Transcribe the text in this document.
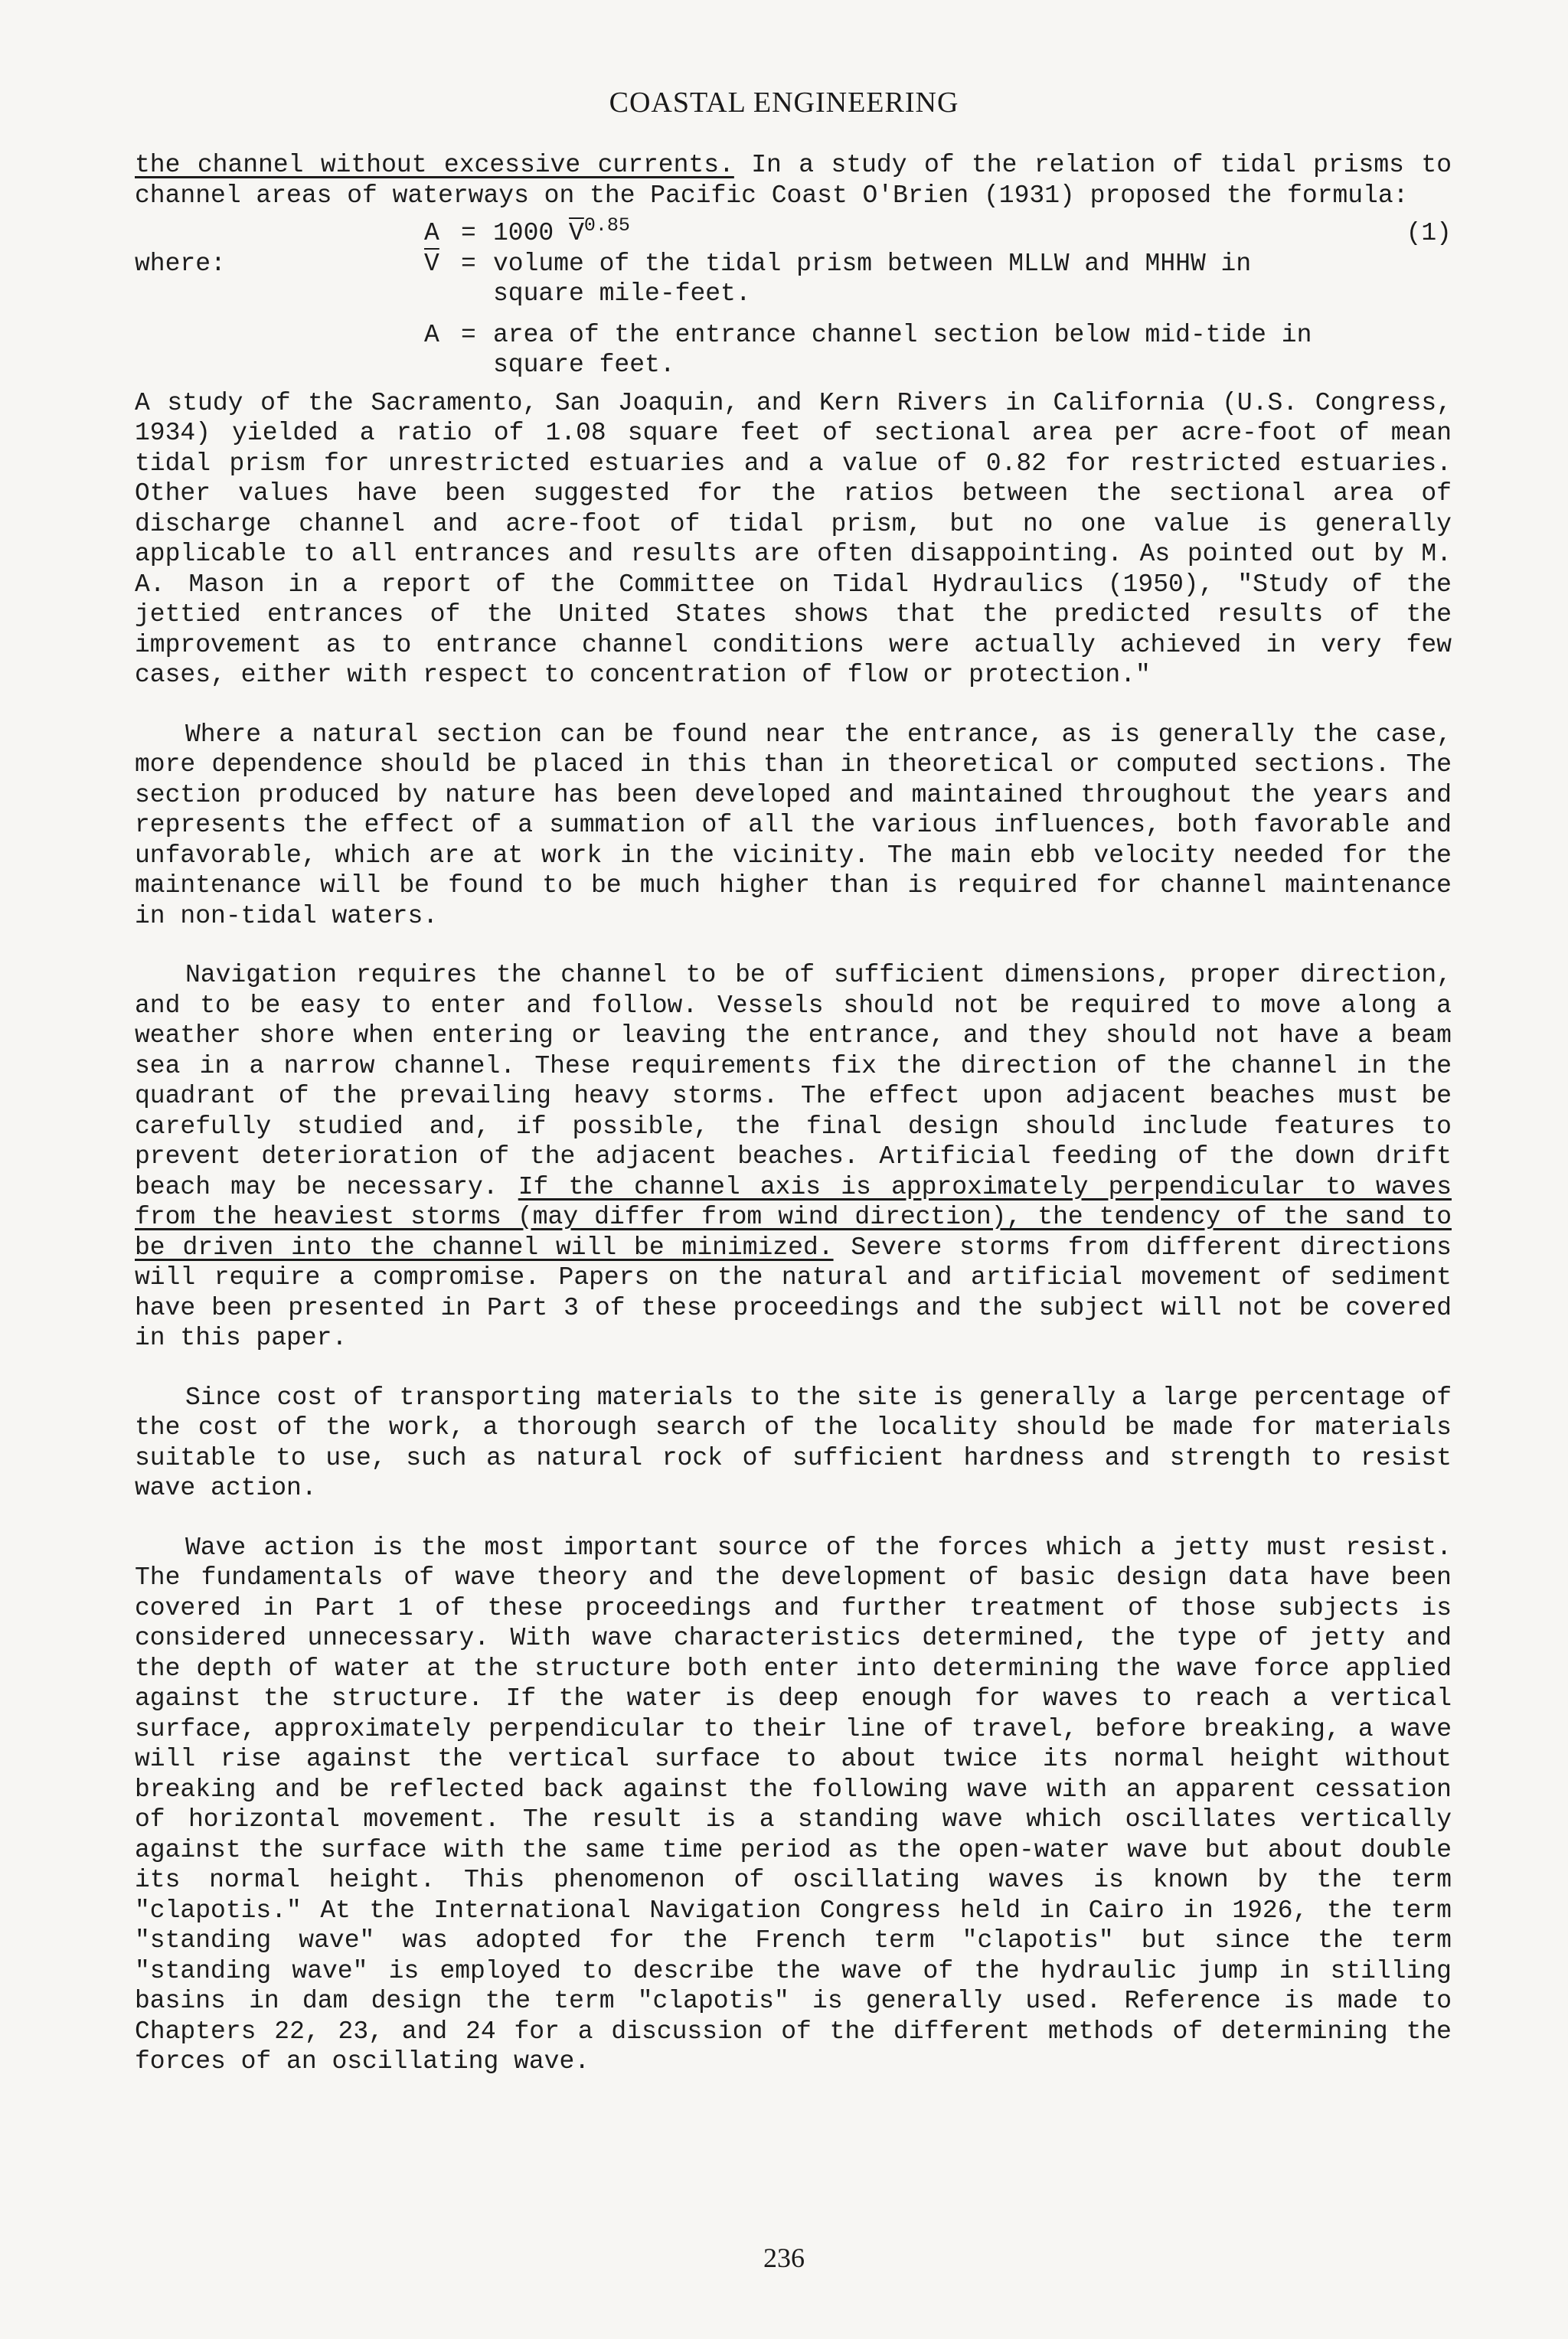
COASTAL ENGINEERING

the channel without excessive currents. In a study of the relation of tidal prisms to channel areas of waterways on the Pacific Coast O'Brien (1931) proposed the formula:

A = 1000 $\overline{V}^{0.85}$	(1)
where:	$\overline{V}$ = volume of the tidal prism between MLLW and MHHW in square mile-feet.
A = area of the entrance channel section below mid-tide in square feet.

A study of the Sacramento, San Joaquin, and Kern Rivers in California (U.S. Congress, 1934) yielded a ratio of 1.08 square feet of sectional area per acre-foot of mean tidal prism for unrestricted estuaries and a value of 0.82 for restricted estuaries. Other values have been suggested for the ratios between the sectional area of discharge channel and acre-foot of tidal prism, but no one value is generally applicable to all entrances and results are often disappointing. As pointed out by M. A. Mason in a report of the Committee on Tidal Hydraulics (1950), "Study of the jettied entrances of the United States shows that the predicted results of the improvement as to entrance channel conditions were actually achieved in very few cases, either with respect to concentration of flow or protection."

Where a natural section can be found near the entrance, as is generally the case, more dependence should be placed in this than in theoretical or computed sections. The section produced by nature has been developed and maintained throughout the years and represents the effect of a summation of all the various influences, both favorable and unfavorable, which are at work in the vicinity. The main ebb velocity needed for the maintenance will be found to be much higher than is required for channel maintenance in non-tidal waters.

Navigation requires the channel to be of sufficient dimensions, proper direction, and to be easy to enter and follow. Vessels should not be required to move along a weather shore when entering or leaving the entrance, and they should not have a beam sea in a narrow channel. These requirements fix the direction of the channel in the quadrant of the prevailing heavy storms. The effect upon adjacent beaches must be carefully studied and, if possible, the final design should include features to prevent deterioration of the adjacent beaches. Artificial feeding of the down drift beach may be necessary. If the channel axis is approximately perpendicular to waves from the heaviest storms (may differ from wind direction), the tendency of the sand to be driven into the channel will be minimized. Severe storms from different directions will require a compromise. Papers on the natural and artificial movement of sediment have been presented in Part 3 of these proceedings and the subject will not be covered in this paper.

Since cost of transporting materials to the site is generally a large percentage of the cost of the work, a thorough search of the locality should be made for materials suitable to use, such as natural rock of sufficient hardness and strength to resist wave action.

Wave action is the most important source of the forces which a jetty must resist. The fundamentals of wave theory and the development of basic design data have been covered in Part 1 of these proceedings and further treatment of those subjects is considered unnecessary. With wave characteristics determined, the type of jetty and the depth of water at the structure both enter into determining the wave force applied against the structure. If the water is deep enough for waves to reach a vertical surface, approximately perpendicular to their line of travel, before breaking, a wave will rise against the vertical surface to about twice its normal height without breaking and be reflected back against the following wave with an apparent cessation of horizontal movement. The result is a standing wave which oscillates vertically against the surface with the same time period as the open-water wave but about double its normal height. This phenomenon of oscillating waves is known by the term "clapotis." At the International Navigation Congress held in Cairo in 1926, the term "standing wave" was adopted for the French term "clapotis" but since the term "standing wave" is employed to describe the wave of the hydraulic jump in stilling basins in dam design the term "clapotis" is generally used. Reference is made to Chapters 22, 23, and 24 for a discussion of the different methods of determining the forces of an oscillating wave.

236
